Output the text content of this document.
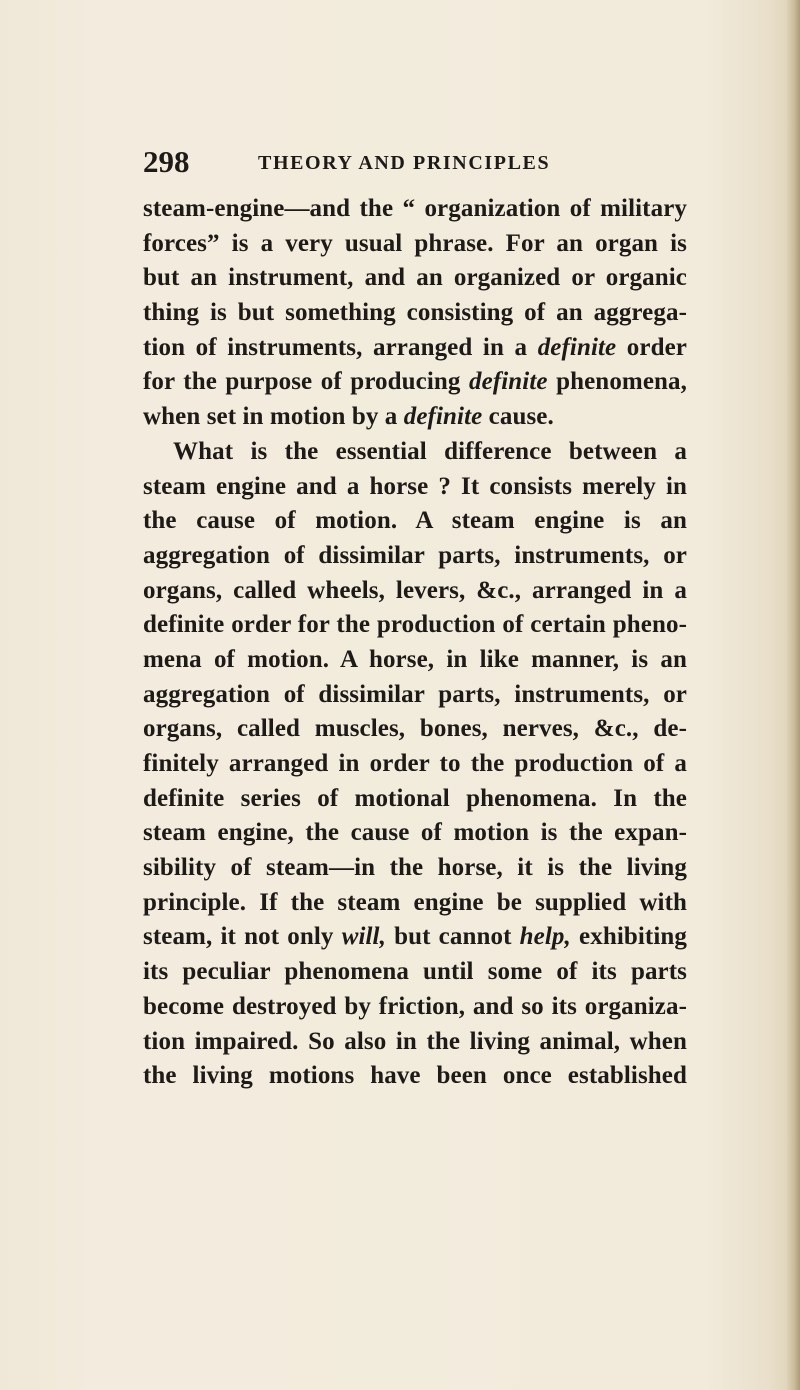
298	THEORY AND PRINCIPLES
steam-engine—and the “ organization of military
forces” is a very usual phrase. For an organ is
but an instrument, and an organized or organic
thing is but something consisting of an aggrega-
tion of instruments, arranged in a definite order
for the purpose of producing definite phenomena,
when set in motion by a definite cause.
What is the essential difference between a
steam engine and a horse ? It consists merely in
the cause of motion. A steam engine is an
aggregation of dissimilar parts, instruments, or
organs, called wheels, levers, &c., arranged in a
definite order for the production of certain pheno-
mena of motion. A horse, in like manner, is an
aggregation of dissimilar parts, instruments, or
organs, called muscles, bones, nerves, &c., de-
finitely arranged in order to the production of a
definite series of motional phenomena. In the
steam engine, the cause of motion is the expan-
sibility of steam—in the horse, it is the living
principle. If the steam engine be supplied with
steam, it not only will, but cannot help, exhibiting
its peculiar phenomena until some of its parts
become destroyed by friction, and so its organiza-
tion impaired. So also in the living animal, when
the living motions have been once established
